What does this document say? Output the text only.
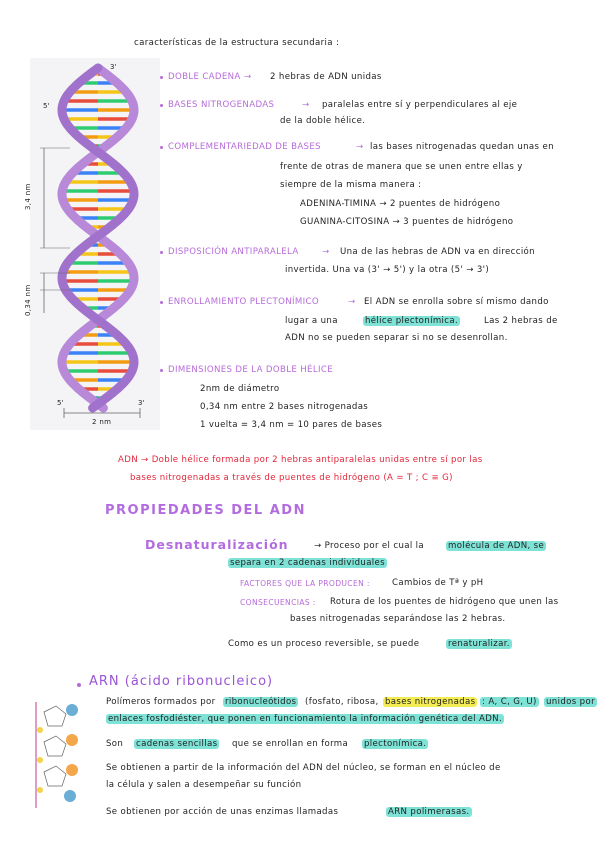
características de la estructura secundaria :
3'
5'
5'	3'
2 nm
3,4 nm
0,34 nm
DOBLE CADENA → 2 hebras de ADN unidas
BASES NITROGENADAS	→ paralelas entre sí y perpendiculares al eje
de la doble hélice.
COMPLEMENTARIEDAD DE BASES	→ las bases nitrogenadas quedan unas en
frente de otras de manera que se unen entre ellas y
siempre de la misma manera :
ADENINA-TIMINA → 2 puentes de hidrógeno
GUANINA-CITOSINA → 3 puentes de hidrógeno
DISPOSICIÓN ANTIPARALELA	→ Una de las hebras de ADN va en dirección
invertida. Una va (3' → 5') y la otra (5' → 3')
ENROLLAMIENTO PLECTONÍMICO	→ El ADN se enrolla sobre sí mismo dando
lugar a una	hélice plectonímica.	Las 2 hebras de
ADN no se pueden separar si no se desenrollan.
DIMENSIONES DE LA DOBLE HÉLICE
2nm de diámetro
0,34 nm entre 2 bases nitrogenadas
1 vuelta = 3,4 nm = 10 pares de bases
ADN → Doble hélice formada por 2 hebras antiparalelas unidas entre sí por las
bases nitrogenadas a través de puentes de hidrógeno (A = T ; C ≡ G)
PROPIEDADES DEL ADN
Desnaturalización	→ Proceso por el cual la	molécula de ADN, se
separa en 2 cadenas individuales
FACTORES QUE LA PRODUCEN :	Cambios de Tª y pH
CONSECUENCIAS : Rotura de los puentes de hidrógeno que unen las
bases nitrogenadas separándose las 2 hebras.
Como es un proceso reversible, se puede	renaturalizar.
ARN (ácido ribonucleico)
Polímeros formados por ribonucleótidos (fosfato, ribosa, bases nitrogenadas : A, C, G, U) unidos por
enlaces fosfodiéster, que ponen en funcionamiento la información genética del ADN.
Son cadenas sencillas que se enrollan en forma plectonímica.
Se obtienen a partir de la información del ADN del núcleo, se forman en el núcleo de
la célula y salen a desempeñar su función
Se obtienen por acción de unas enzimas llamadas	ARN polimerasas.
